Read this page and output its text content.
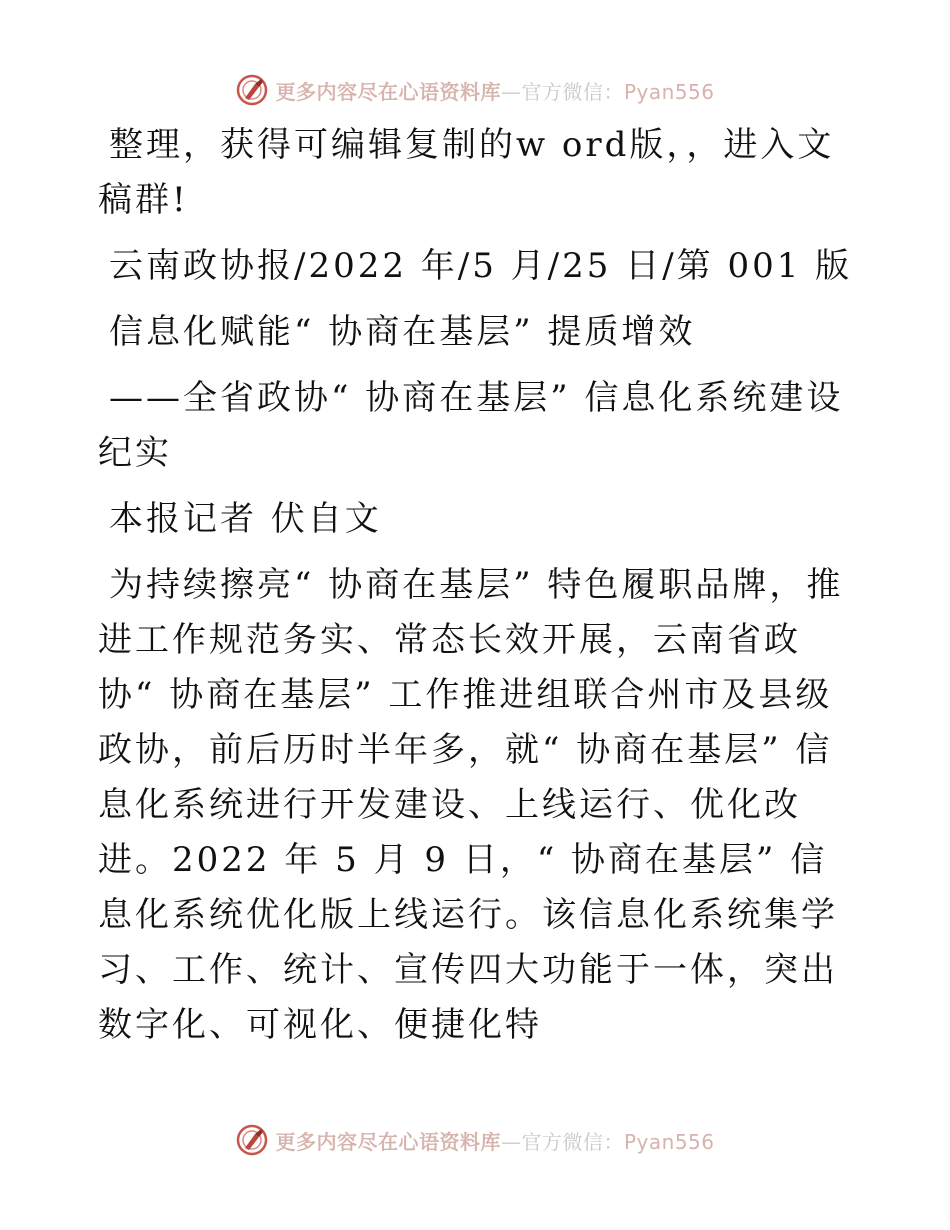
更多内容尽在心语资料库—官方微信：Pyan556

整理，获得可编辑复制的w ord版，，进入文稿群!

云南政协报/2022 年/5 月/25 日/第 001 版

信息化赋能“ 协商在基层” 提质增效

——全省政协“ 协商在基层” 信息化系统建设纪实

本报记者 伏自文

为持续擦亮“ 协商在基层” 特色履职品牌，推进工作规范务实、常态长效开展，云南省政协“ 协商在基层” 工作推进组联合州市及县级政协，前后历时半年多，就“ 协商在基层” 信息化系统进行开发建设、上线运行、优化改进。2022 年 5 月 9 日，“ 协商在基层” 信息化系统优化版上线运行。该信息化系统集学习、工作、统计、宣传四大功能于一体，突出数字化、可视化、便捷化特

更多内容尽在心语资料库—官方微信：Pyan556
